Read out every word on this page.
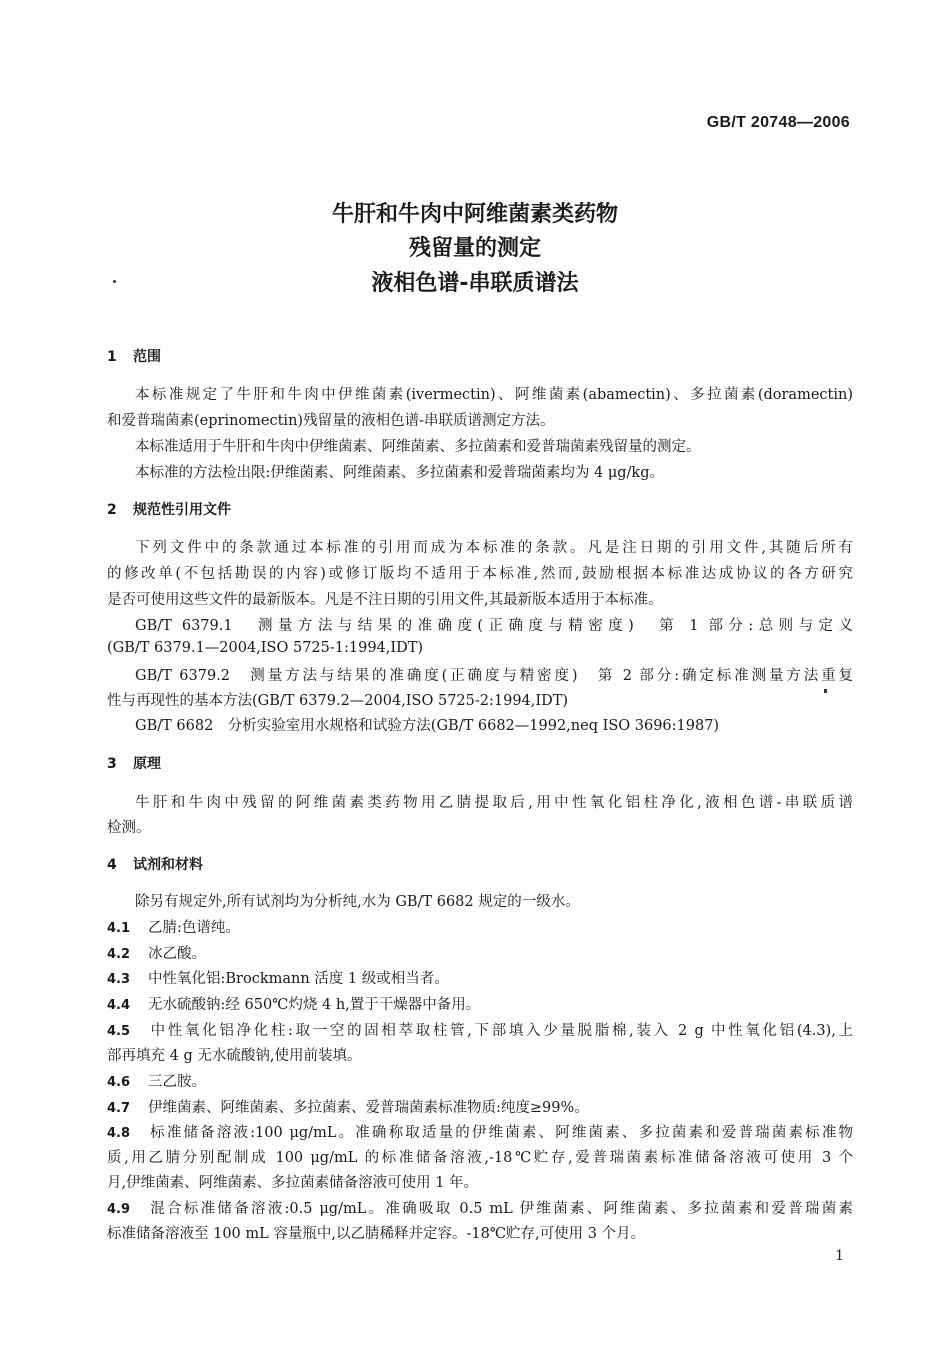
GB/T 20748—2006
牛肝和牛肉中阿维菌素类药物
残留量的测定
液相色谱-串联质谱法
1 范围
本标准规定了牛肝和牛肉中伊维菌素(ivermectin)、阿维菌素(abamectin)、多拉菌素(doramectin)
和爱普瑞菌素(eprinomectin)残留量的液相色谱-串联质谱测定方法。
本标准适用于牛肝和牛肉中伊维菌素、阿维菌素、多拉菌素和爱普瑞菌素残留量的测定。
本标准的方法检出限:伊维菌素、阿维菌素、多拉菌素和爱普瑞菌素均为 4 μg/kg。
2 规范性引用文件
下列文件中的条款通过本标准的引用而成为本标准的条款。凡是注日期的引用文件,其随后所有
的修改单(不包括勘误的内容)或修订版均不适用于本标准,然而,鼓励根据本标准达成协议的各方研究
是否可使用这些文件的最新版本。凡是不注日期的引用文件,其最新版本适用于本标准。
GB/T 6379.1　测量方法与结果的准确度(正确度与精密度)　第 1 部分:总则与定义
(GB/T 6379.1—2004,ISO 5725-1:1994,IDT)
GB/T 6379.2　测量方法与结果的准确度(正确度与精密度)　第 2 部分:确定标准测量方法重复
性与再现性的基本方法(GB/T 6379.2—2004,ISO 5725-2:1994,IDT)
GB/T 6682　分析实验室用水规格和试验方法(GB/T 6682—1992,neq ISO 3696:1987)
3 原理
牛肝和牛肉中残留的阿维菌素类药物用乙腈提取后,用中性氧化铝柱净化,液相色谱-串联质谱
检测。
4 试剂和材料
除另有规定外,所有试剂均为分析纯,水为 GB/T 6682 规定的一级水。
4.1 乙腈:色谱纯。
4.2 冰乙酸。
4.3 中性氧化铝:Brockmann 活度 1 级或相当者。
4.4 无水硫酸钠:经 650℃灼烧 4 h,置于干燥器中备用。
4.5 中性氧化铝净化柱:取一空的固相萃取柱管,下部填入少量脱脂棉,装入 2 g 中性氧化铝(4.3),上
部再填充 4 g 无水硫酸钠,使用前装填。
4.6 三乙胺。
4.7 伊维菌素、阿维菌素、多拉菌素、爱普瑞菌素标准物质:纯度≥99%。
4.8 标准储备溶液:100 μg/mL。准确称取适量的伊维菌素、阿维菌素、多拉菌素和爱普瑞菌素标准物
质,用乙腈分别配制成 100 μg/mL 的标准储备溶液,-18℃贮存,爱普瑞菌素标准储备溶液可使用 3 个
月,伊维菌素、阿维菌素、多拉菌素储备溶液可使用 1 年。
4.9 混合标准储备溶液:0.5 μg/mL。准确吸取 0.5 mL 伊维菌素、阿维菌素、多拉菌素和爱普瑞菌素
标准储备溶液至 100 mL 容量瓶中,以乙腈稀释并定容。-18℃贮存,可使用 3 个月。
1
